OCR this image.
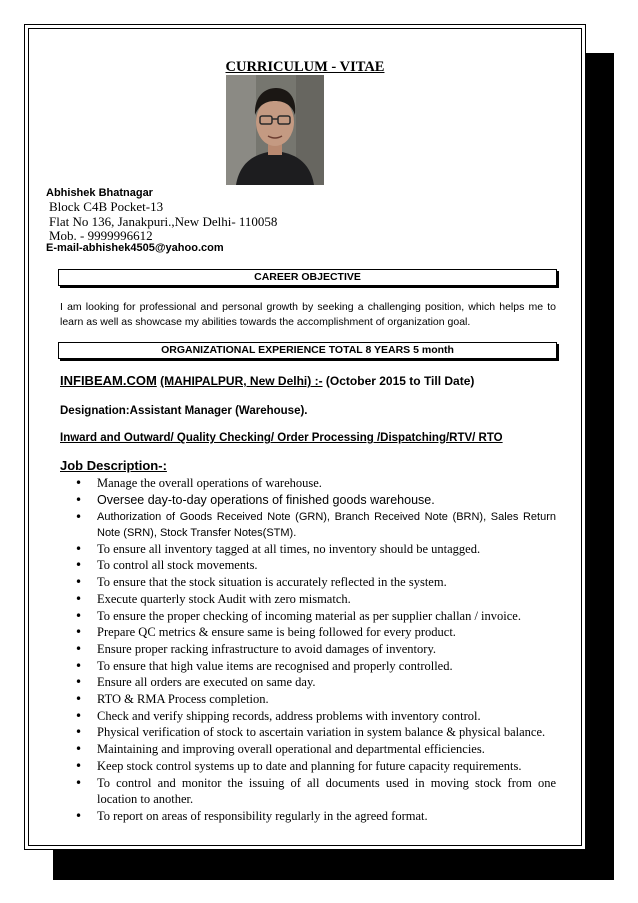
CURRICULUM - VITAE
Abhishek Bhatnagar
Block C4B Pocket-13
Flat No 136, Janakpuri.,New Delhi- 110058
Mob. - 9999996612
E-mail-abhishek4505@yahoo.com
CAREER OBJECTIVE
I am looking for professional and personal growth by seeking a challenging position, which helps me to learn as well as showcase my abilities towards the accomplishment of organization goal.
ORGANIZATIONAL EXPERIENCE TOTAL 8 YEARS 5 month
INFIBEAM.COM (MAHIPALPUR, New Delhi) :- (October 2015 to Till Date)
Designation:Assistant Manager (Warehouse).
Inward and Outward/ Quality Checking/ Order Processing /Dispatching/RTV/ RTO
Job Description-:
• Manage the overall operations of warehouse.
• Oversee day-to-day operations of finished goods warehouse.
• Authorization of Goods Received Note (GRN), Branch Received Note (BRN), Sales Return Note (SRN), Stock Transfer Notes(STM).
• To ensure all inventory tagged at all times, no inventory should be untagged.
• To control all stock movements.
• To ensure that the stock situation is accurately reflected in the system.
• Execute quarterly stock Audit with zero mismatch.
• To ensure the proper checking of incoming material as per supplier challan / invoice.
• Prepare QC metrics & ensure same is being followed for every product.
• Ensure proper racking infrastructure to avoid damages of inventory.
• To ensure that high value items are recognised and properly controlled.
• Ensure all orders are executed on same day.
• RTO & RMA Process completion.
• Check and verify shipping records, address problems with inventory control.
• Physical verification of stock to ascertain variation in system balance & physical balance.
• Maintaining and improving overall operational and departmental efficiencies.
• Keep stock control systems up to date and planning for future capacity requirements.
• To control and monitor the issuing of all documents used in moving stock from one location to another.
• To report on areas of responsibility regularly in the agreed format.
